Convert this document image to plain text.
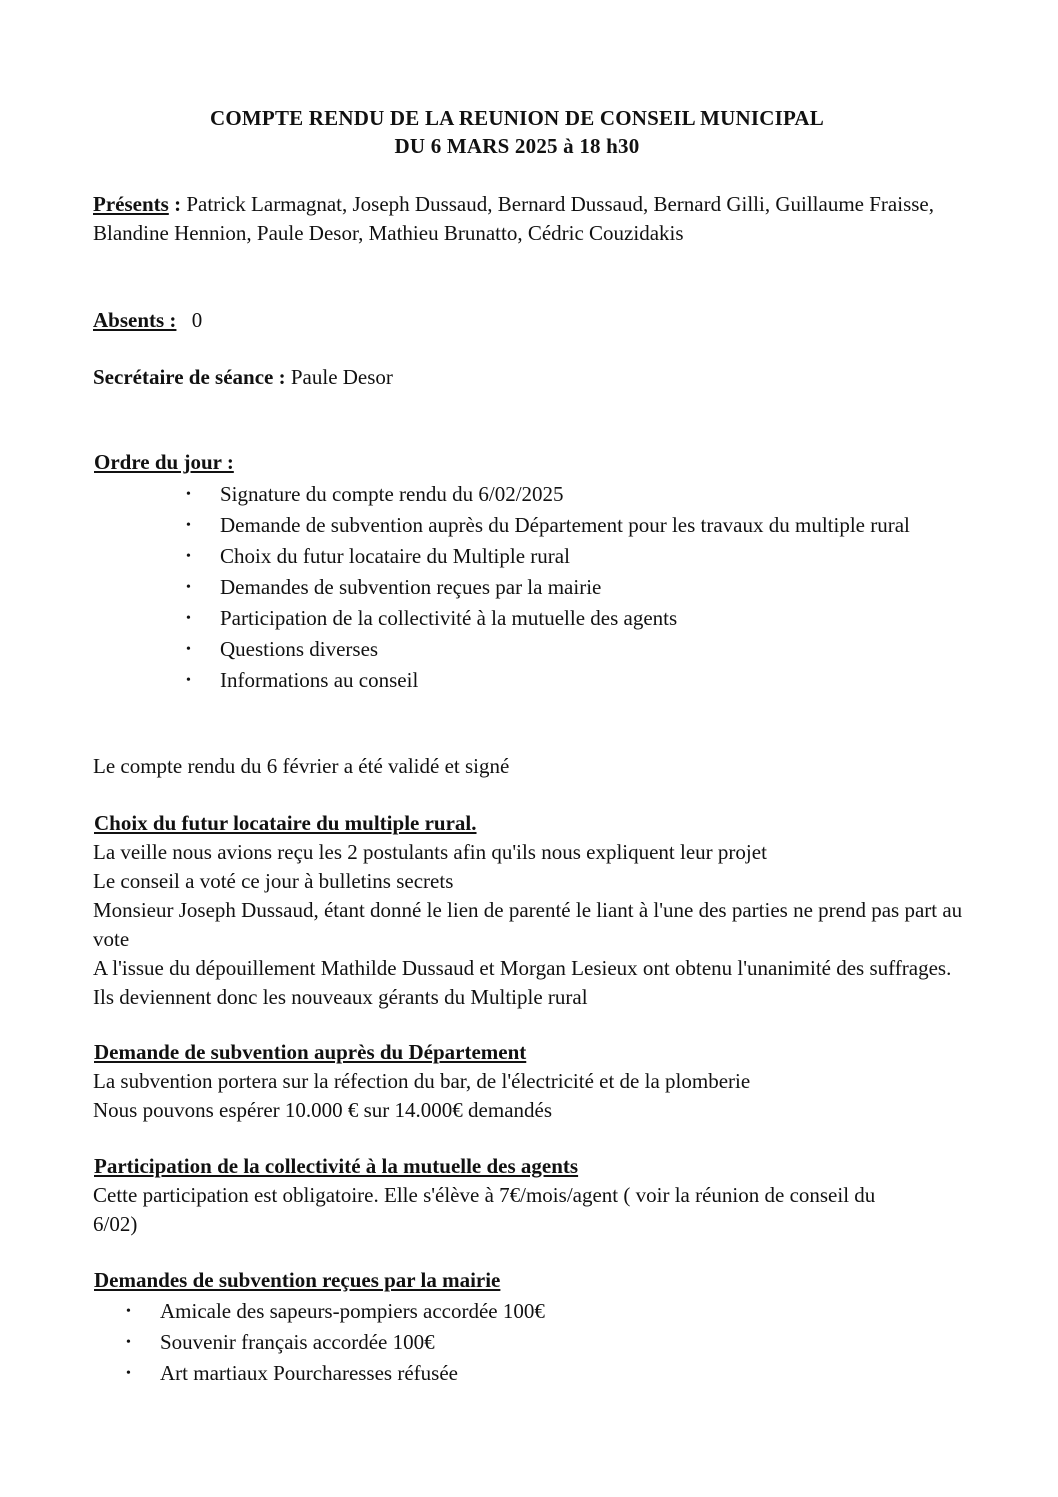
COMPTE RENDU DE LA REUNION DE CONSEIL MUNICIPAL
DU 6 MARS 2025 à 18 h30
Présents : Patrick Larmagnat, Joseph Dussaud, Bernard Dussaud, Bernard Gilli, Guillaume Fraisse, Blandine Hennion, Paule Desor, Mathieu Brunatto, Cédric Couzidakis
Absents : 0
Secrétaire de séance : Paule Desor
Ordre du jour :
• Signature du compte rendu du 6/02/2025
• Demande de subvention auprès du Département pour les travaux du multiple rural
• Choix du futur locataire du Multiple rural
• Demandes de subvention reçues par la mairie
• Participation de la collectivité à la mutuelle des agents
• Questions diverses
• Informations au conseil
Le compte rendu du 6 février a été validé et signé
Choix du futur locataire du multiple rural.
La veille nous avions reçu les 2 postulants afin qu'ils nous expliquent leur projet
Le conseil a voté ce jour à bulletins secrets
Monsieur Joseph Dussaud, étant donné le lien de parenté le liant à l'une des parties ne prend pas part au vote
A l'issue du dépouillement Mathilde Dussaud et Morgan Lesieux ont obtenu l'unanimité des suffrages. Ils deviennent donc les nouveaux gérants du Multiple rural
Demande de subvention auprès du Département
La subvention portera sur la réfection du bar, de l'électricité et de la plomberie
Nous pouvons espérer 10.000 € sur 14.000€ demandés
Participation de la collectivité à la mutuelle des agents
Cette participation est obligatoire. Elle s'élève à 7€/mois/agent ( voir la réunion de conseil du 6/02)
Demandes de subvention reçues par la mairie
• Amicale des sapeurs-pompiers accordée 100€
• Souvenir français accordée 100€
• Art martiaux Pourcharesses réfusée
